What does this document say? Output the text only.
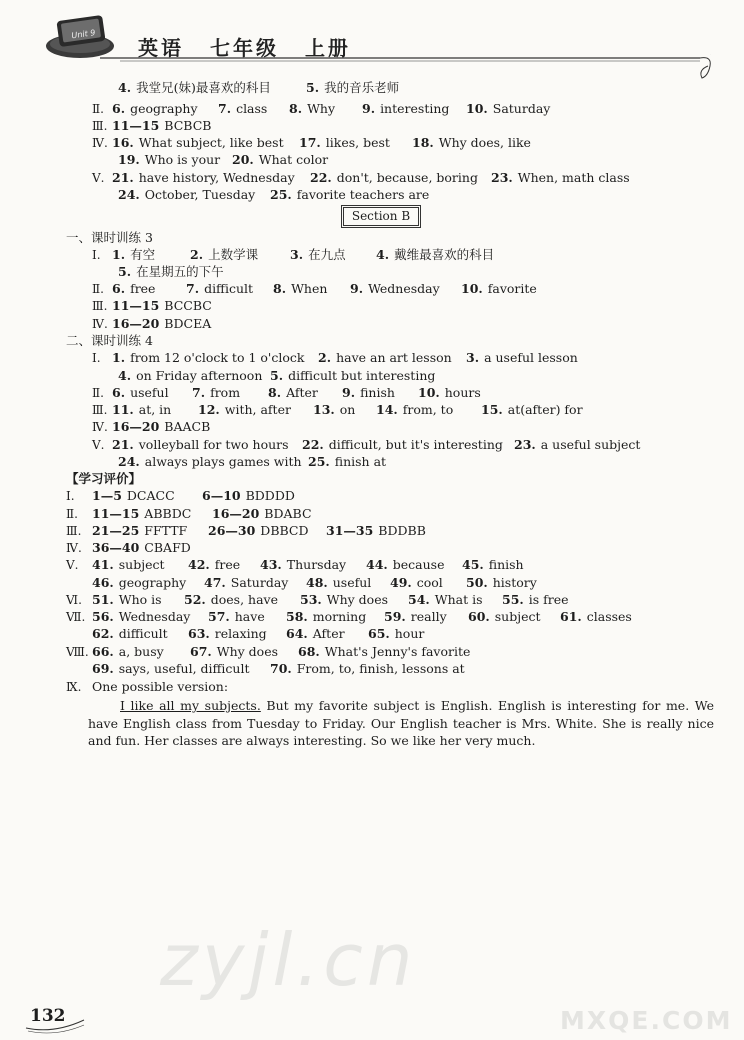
Unit 9
英语 七年级 上册
4. 我堂兄(妹)最喜欢的科目	5. 我的音乐老师
Ⅱ. 6. geography 7. class 8. Why 9. interesting 10. Saturday
Ⅲ. 11—15 BCBCB
Ⅳ. 16. What subject, like best 17. likes, best 18. Why does, like
19. Who is your 20. What color
Ⅴ. 21. have history, Wednesday 22. don't, because, boring 23. When, math class
24. October, Tuesday 25. favorite teachers are
Section B
一、课时训练 3
Ⅰ. 1. 有空	2. 上数学课	3. 在九点 4. 戴维最喜欢的科目
5. 在星期五的下午
Ⅱ. 6. free 7. difficult 8. When 9. Wednesday 10. favorite
Ⅲ. 11—15 BCCBC
Ⅳ. 16—20 BDCEA
二、课时训练 4
Ⅰ. 1. from 12 o'clock to 1 o'clock 2. have an art lesson 3. a useful lesson
4. on Friday afternoon 5. difficult but interesting
Ⅱ. 6. useful 7. from 8. After 9. finish 10. hours
Ⅲ. 11. at, in 12. with, after 13. on 14. from, to 15. at(after) for
Ⅳ. 16—20 BAACB
Ⅴ. 21. volleyball for two hours 22. difficult, but it's interesting 23. a useful subject
24. always plays games with 25. finish at
【学习评价】
Ⅰ. 1—5 DCACC 6—10 BDDDD
Ⅱ. 11—15 ABBDC 16—20 BDABC
Ⅲ. 21—25 FFTTF 26—30 DBBCD 31—35 BDDBB
Ⅳ. 36—40 CBAFD
Ⅴ. 41. subject 42. free 43. Thursday 44. because 45. finish
46. geography 47. Saturday 48. useful 49. cool 50. history
Ⅵ. 51. Who is 52. does, have 53. Why does 54. What is 55. is free
Ⅶ. 56. Wednesday 57. have 58. morning 59. really 60. subject 61. classes
62. difficult 63. relaxing 64. After 65. hour
Ⅷ. 66. a, busy 67. Why does 68. What's Jenny's favorite
69. says, useful, difficult 70. From, to, finish, lessons at
Ⅸ. One possible version:
I like all my subjects. But my favorite subject is English. English is interesting for me. We have English class from Tuesday to Friday. Our English teacher is Mrs. White. She is really nice and fun. Her classes are always interesting. So we like her very much.
zyjl.cn
MXQE.COM
132
